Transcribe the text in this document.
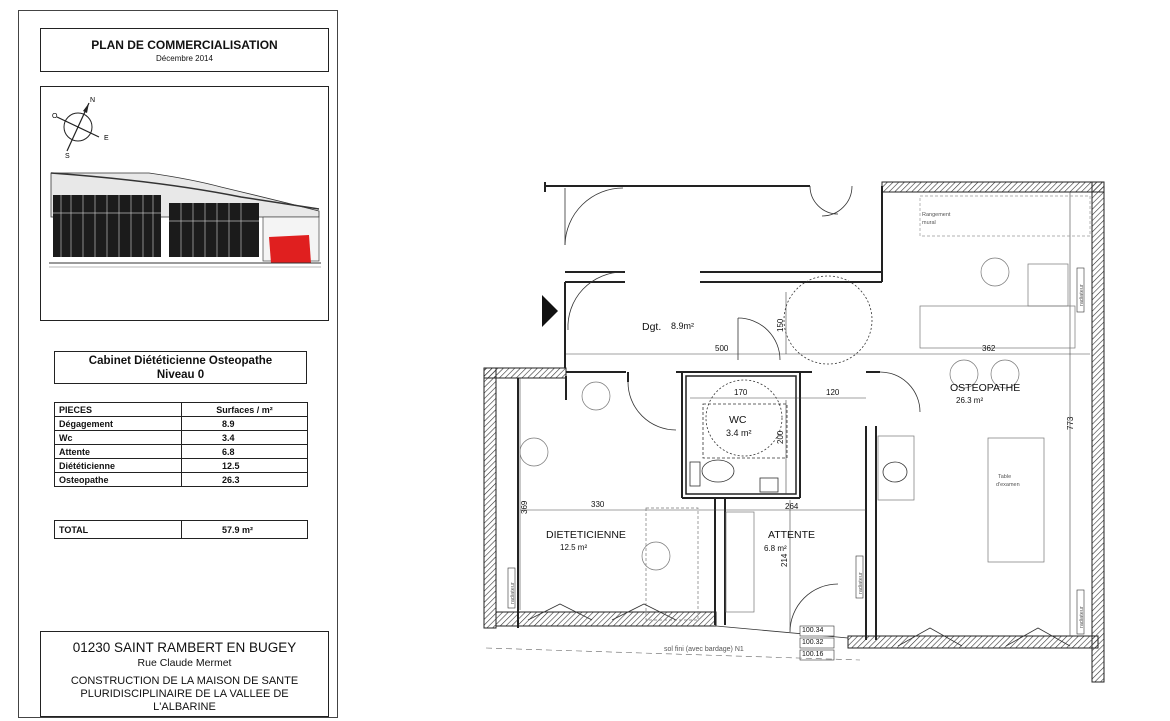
PLAN DE COMMERCIALISATION
Décembre 2014
N
O
E
S
Cabinet Diététicienne Osteopathe
Niveau 0
PIECES	Surfaces / m²
Dégagement	8.9
Wc	3.4
Attente	6.8
Diététicienne	12.5
Osteopathe	26.3
TOTAL	57.9 m²
01230 SAINT RAMBERT EN BUGEY
Rue Claude Mermet
CONSTRUCTION DE LA MAISON DE SANTE
PLURIDISCIPLINAIRE DE LA VALLEE DE
L'ALBARINE
Dgt. 8.9m²
WC
3.4 m²
OSTEOPATHE
26.3 m²
DIETETICIENNE
12.5 m²
ATTENTE
6.8 m²
500	362
150
170	120
200
773
330	264
369
214
Rangement
mural
Table
d'examen
radiateur
radiateur
radiateur	radiateur
sol fini (avec bardage) N1
100.34
100.32
100.16
